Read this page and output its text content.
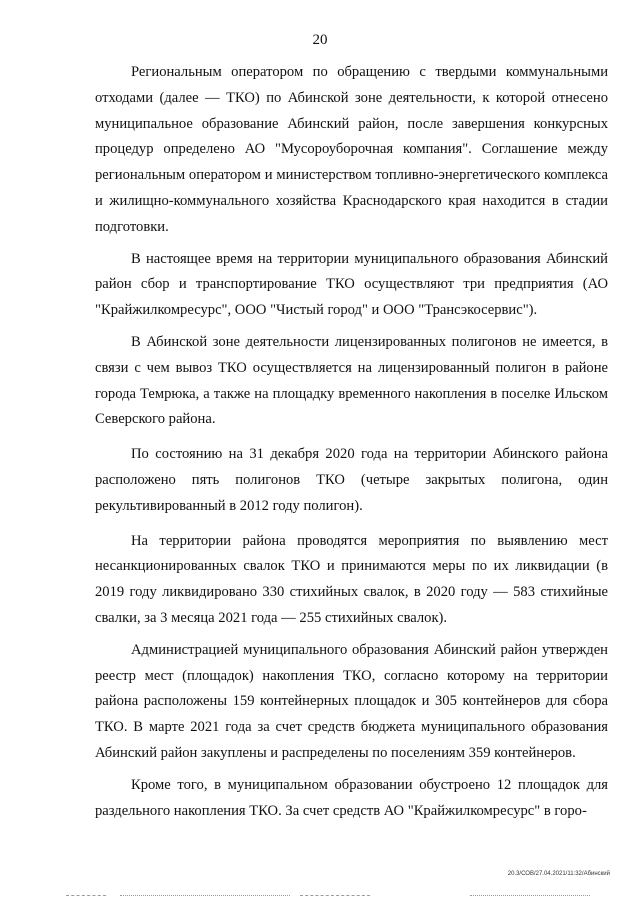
20

Региональным оператором по обращению с твердыми коммунальными отходами (далее — ТКО) по Абинской зоне деятельности, к которой отнесено муниципальное образование Абинский район, после завершения конкурсных процедур определено АО "Мусороуборочная компания". Соглашение между региональным оператором и министерством топливно-энергетического комплекса и жилищно-коммунального хозяйства Краснодарского края находится в стадии подготовки.

В настоящее время на территории муниципального образования Абинский район сбор и транспортирование ТКО осуществляют три предприятия (АО "Крайжилкомресурс", ООО "Чистый город" и ООО "Трансэкосервис").

В Абинской зоне деятельности лицензированных полигонов не имеется, в связи с чем вывоз ТКО осуществляется на лицензированный полигон в районе города Темрюка, а также на площадку временного накопления в поселке Ильском Северского района.

По состоянию на 31 декабря 2020 года на территории Абинского района расположено пять полигонов ТКО (четыре закрытых полигона, один рекультивированный в 2012 году полигон).

На территории района проводятся мероприятия по выявлению мест несанкционированных свалок ТКО и принимаются меры по их ликвидации (в 2019 году ликвидировано 330 стихийных свалок, в 2020 году — 583 стихийные свалки, за 3 месяца 2021 года — 255 стихийных свалок).

Администрацией муниципального образования Абинский район утвержден реестр мест (площадок) накопления ТКО, согласно которому на территории района расположены 159 контейнерных площадок и 305 контейнеров для сбора ТКО. В марте 2021 года за счет средств бюджета муниципального образования Абинский район закуплены и распределены по поселениям 359 контейнеров.

Кроме того, в муниципальном образовании обустроено 12 площадок для раздельного накопления ТКО. За счет средств АО "Крайжилкомресурс" в горо-

20.3/СОВ/27.04.2021/11:32/Абинский
